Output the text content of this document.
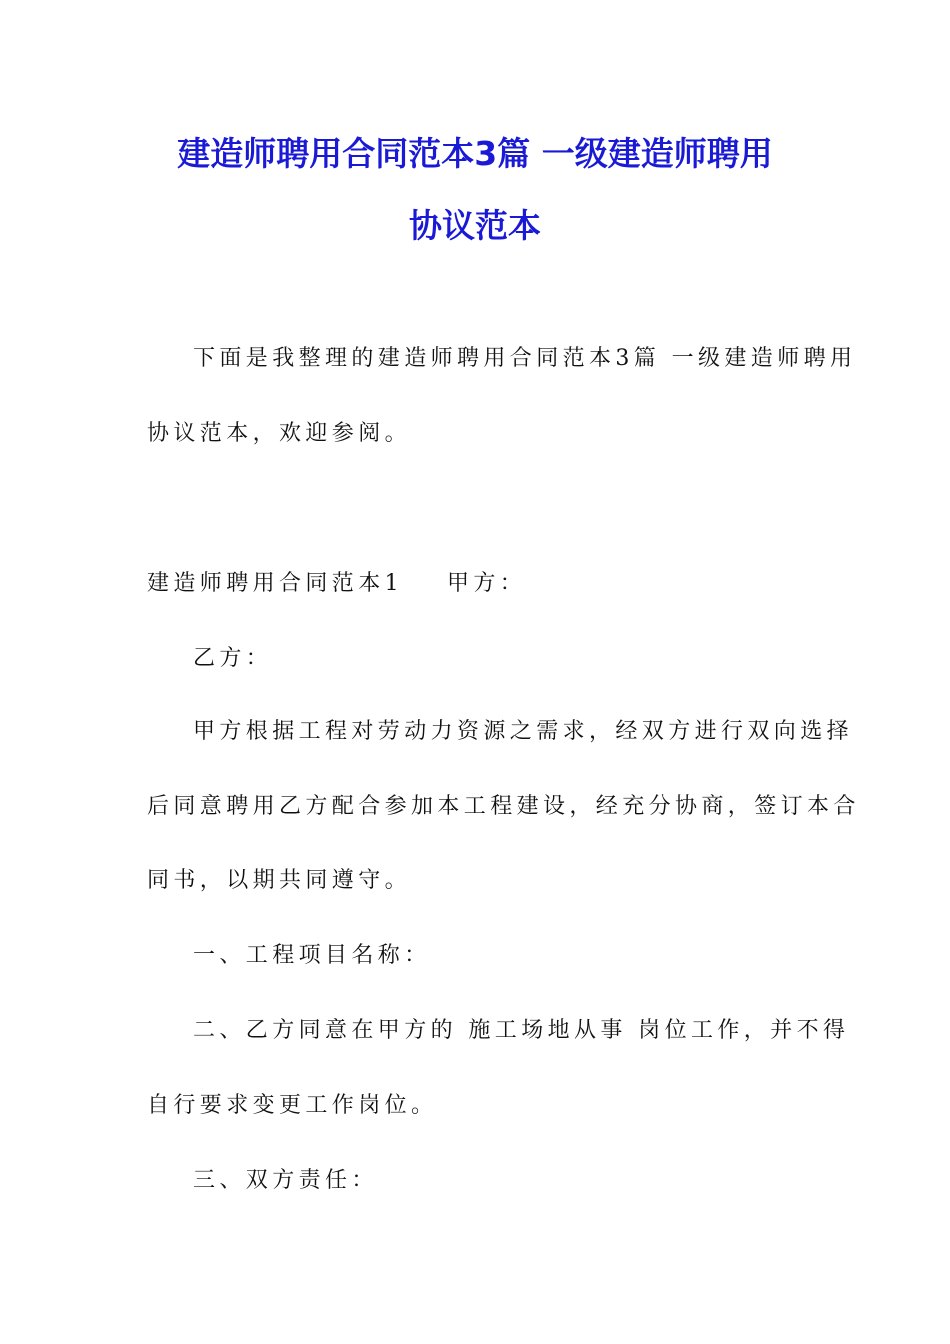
建造师聘用合同范本3篇 一级建造师聘用
协议范本
下面是我整理的建造师聘用合同范本3篇 一级建造师聘用
协议范本，欢迎参阅。
建造师聘用合同范本1 甲方：
乙方：
甲方根据工程对劳动力资源之需求，经双方进行双向选择
后同意聘用乙方配合参加本工程建设，经充分协商，签订本合
同书，以期共同遵守。
一、工程项目名称：
二、乙方同意在甲方的 施工场地从事 岗位工作，并不得
自行要求变更工作岗位。
三、双方责任：
